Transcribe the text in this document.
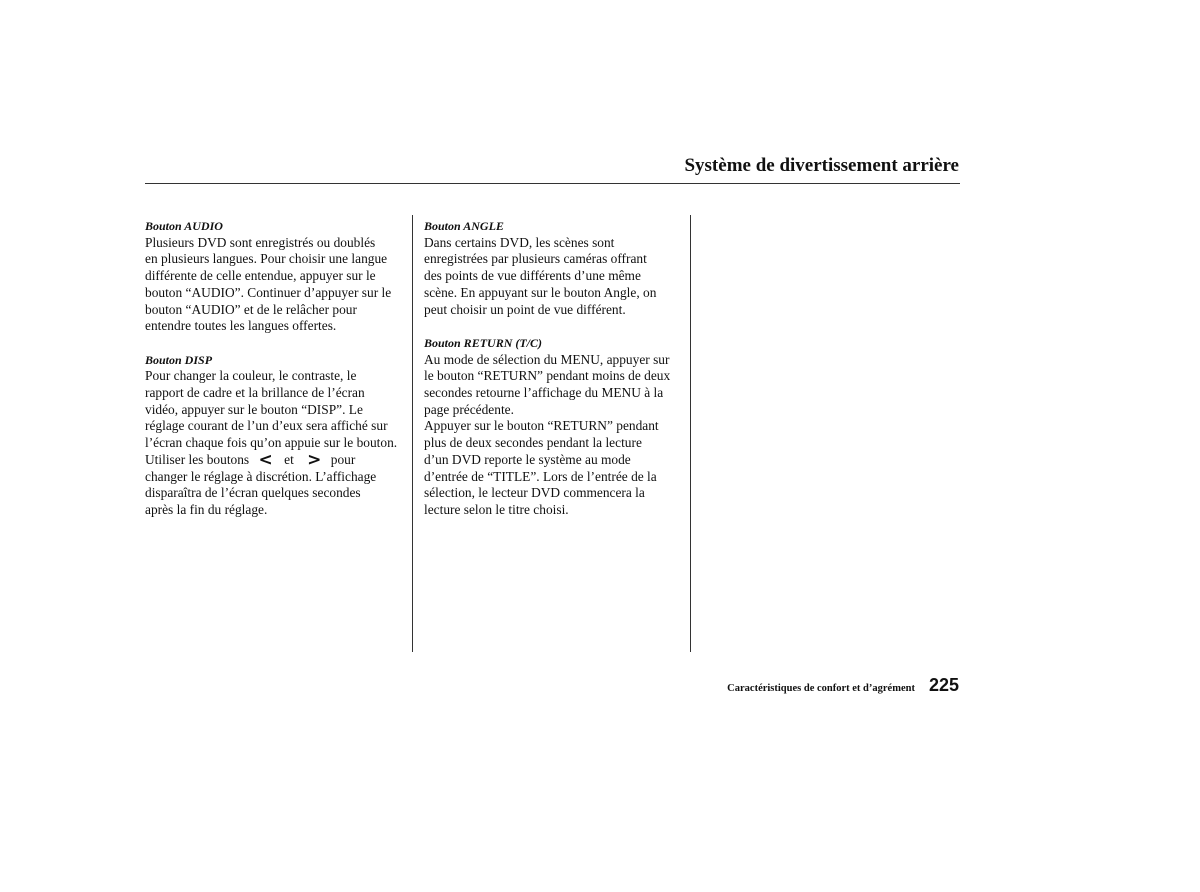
Système de divertissement arrière
Bouton AUDIO
Plusieurs DVD sont enregistrés ou doublés
en plusieurs langues. Pour choisir une langue
différente de celle entendue, appuyer sur le
bouton “AUDIO”. Continuer d’appuyer sur le
bouton “AUDIO” et de le relâcher pour
entendre toutes les langues offertes.
Bouton DISP
Pour changer la couleur, le contraste, le
rapport de cadre et la brillance de l’écran
vidéo, appuyer sur le bouton “DISP”. Le
réglage courant de l’un d’eux sera affiché sur
l’écran chaque fois qu’on appuie sur le bouton.
Utiliser les boutons < et > pour
changer le réglage à discrétion. L’affichage
disparaîtra de l’écran quelques secondes
après la fin du réglage.
Bouton ANGLE
Dans certains DVD, les scènes sont
enregistrées par plusieurs caméras offrant
des points de vue différents d’une même
scène. En appuyant sur le bouton Angle, on
peut choisir un point de vue différent.
Bouton RETURN (T/C)
Au mode de sélection du MENU, appuyer sur
le bouton “RETURN” pendant moins de deux
secondes retourne l’affichage du MENU à la
page précédente.
Appuyer sur le bouton “RETURN” pendant
plus de deux secondes pendant la lecture
d’un DVD reporte le système au mode
d’entrée de “TITLE”. Lors de l’entrée de la
sélection, le lecteur DVD commencera la
lecture selon le titre choisi.
Caractéristiques de confort et d’agrément 225
